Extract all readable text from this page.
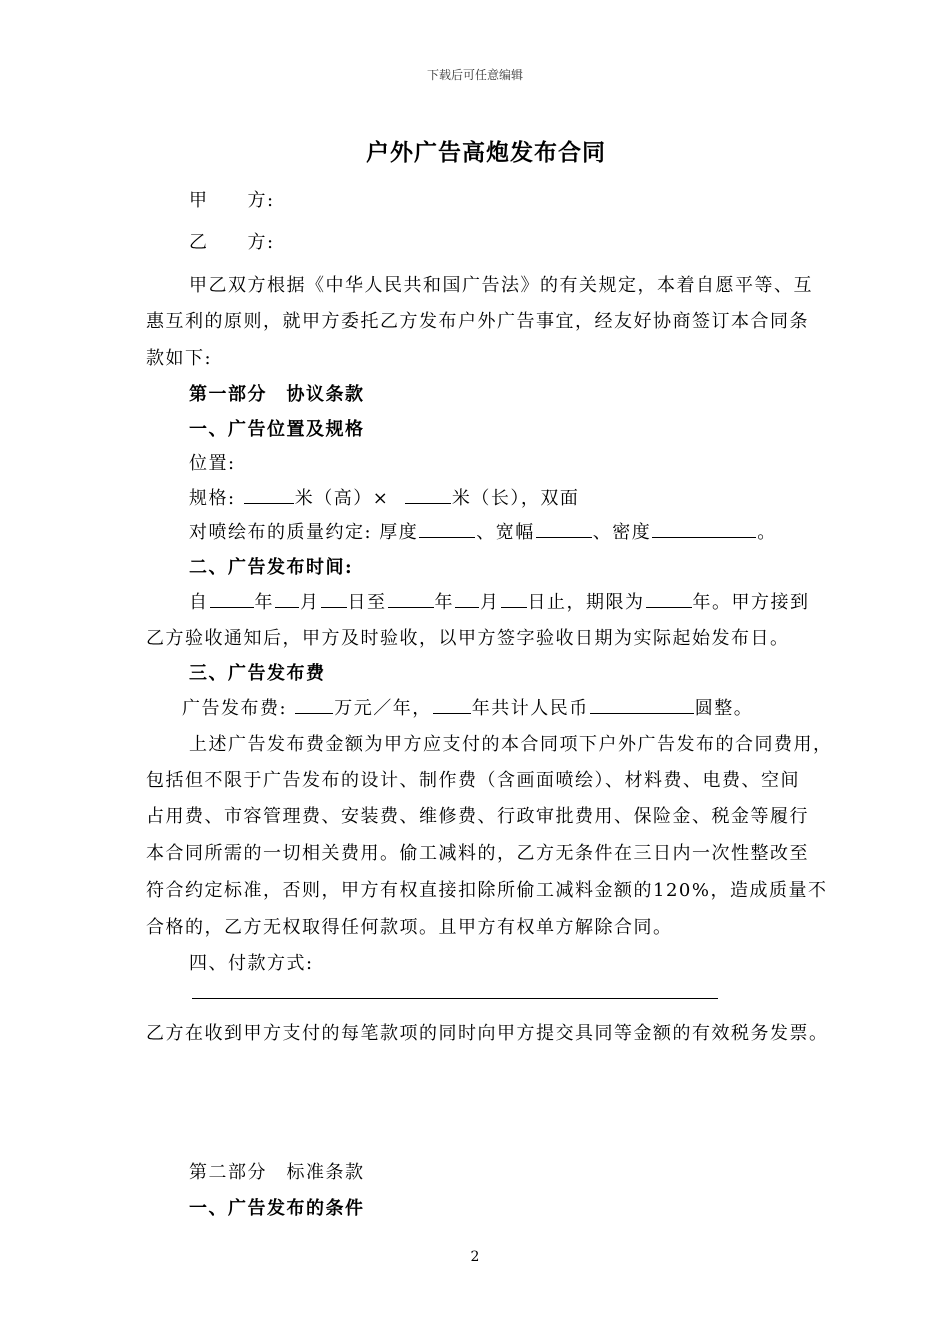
下载后可任意编辑
户外广告高炮发布合同
甲　　方:
乙　　方:
甲乙双方根据《中华人民共和国广告法》的有关规定，本着自愿平等、互
惠互利的原则，就甲方委托乙方发布户外广告事宜，经友好协商签订本合同条
款如下:
第一部分　协议条款
一、广告位置及规格
位置:
规格:	米（高）×	米（长），双面
对喷绘布的质量约定: 厚度	、宽幅	、密度	。
二、广告发布时间:
自	年 月 日至	年 月 日止，期限为	年。甲方接到
乙方验收通知后，甲方及时验收，以甲方签字验收日期为实际起始发布日。
三、广告发布费
广告发布费: 万元／年， 年共计人民币	圆整。
上述广告发布费金额为甲方应支付的本合同项下户外广告发布的合同费用，
包括但不限于广告发布的设计、制作费（含画面喷绘）、材料费、电费、空间
占用费、市容管理费、安装费、维修费、行政审批费用、保险金、税金等履行
本合同所需的一切相关费用。偷工减料的，乙方无条件在三日内一次性整改至
符合约定标准，否则，甲方有权直接扣除所偷工减料金额的120%，造成质量不
合格的，乙方无权取得任何款项。且甲方有权单方解除合同。
四、付款方式:
乙方在收到甲方支付的每笔款项的同时向甲方提交具同等金额的有效税务发票。
第二部分　标准条款
一、广告发布的条件
2
